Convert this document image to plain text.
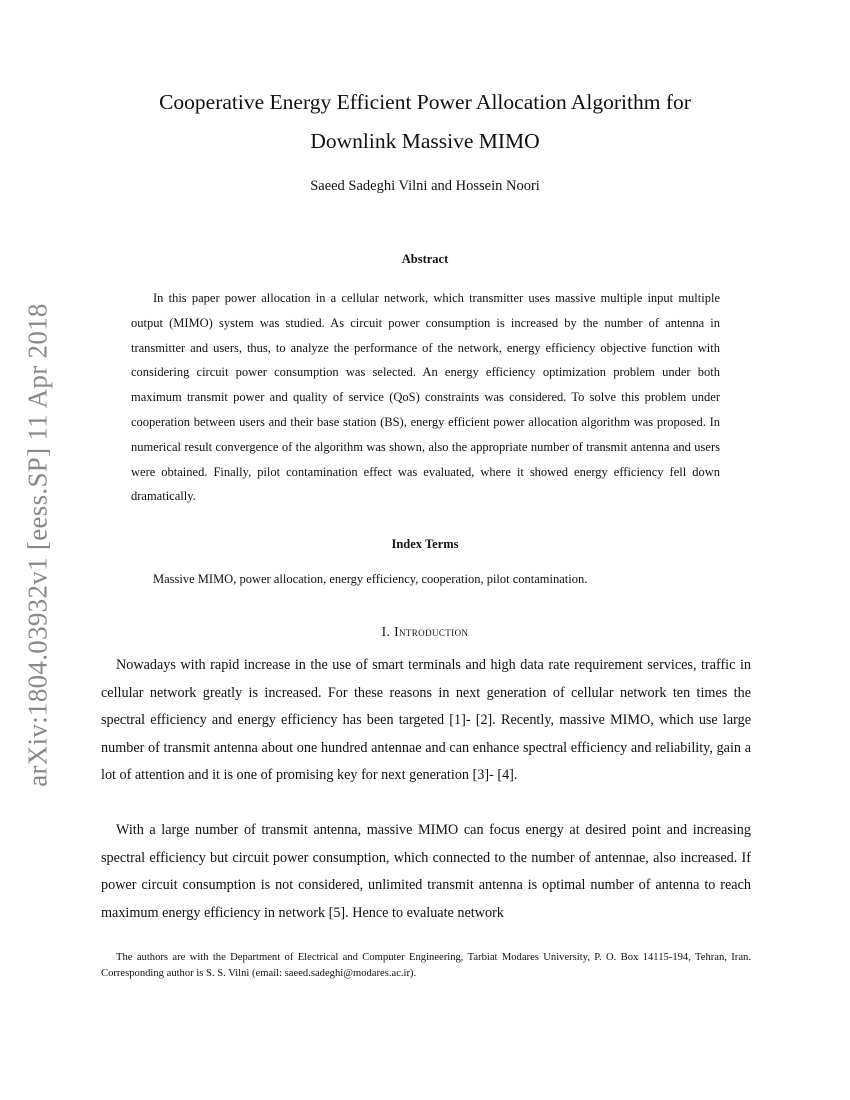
arXiv:1804.03932v1 [eess.SP] 11 Apr 2018
Cooperative Energy Efficient Power Allocation Algorithm for
Downlink Massive MIMO
Saeed Sadeghi Vilni and Hossein Noori
Abstract
In this paper power allocation in a cellular network, which transmitter uses massive multiple input multiple output (MIMO) system was studied. As circuit power consumption is increased by the number of antenna in transmitter and users, thus, to analyze the performance of the network, energy efficiency objective function with considering circuit power consumption was selected. An energy efficiency optimization problem under both maximum transmit power and quality of service (QoS) constraints was considered. To solve this problem under cooperation between users and their base station (BS), energy efficient power allocation algorithm was proposed. In numerical result convergence of the algorithm was shown, also the appropriate number of transmit antenna and users were obtained. Finally, pilot contamination effect was evaluated, where it showed energy efficiency fell down dramatically.
Index Terms
Massive MIMO, power allocation, energy efficiency, cooperation, pilot contamination.
I. Introduction

Nowadays with rapid increase in the use of smart terminals and high data rate requirement services, traffic in cellular network greatly is increased. For these reasons in next generation of cellular network ten times the spectral efficiency and energy efficiency has been targeted [1]- [2]. Recently, massive MIMO, which use large number of transmit antenna about one hundred antennae and can enhance spectral efficiency and reliability, gain a lot of attention and it is one of promising key for next generation [3]- [4].

With a large number of transmit antenna, massive MIMO can focus energy at desired point and increasing spectral efficiency but circuit power consumption, which connected to the number of antennae, also increased. If power circuit consumption is not considered, unlimited transmit antenna is optimal number of antenna to reach maximum energy efficiency in network [5]. Hence to evaluate network

The authors are with the Department of Electrical and Computer Engineering, Tarbiat Modares University, P. O. Box 14115-194, Tehran, Iran. Corresponding author is S. S. Vilni (email: saeed.sadeghi@modares.ac.ir).
